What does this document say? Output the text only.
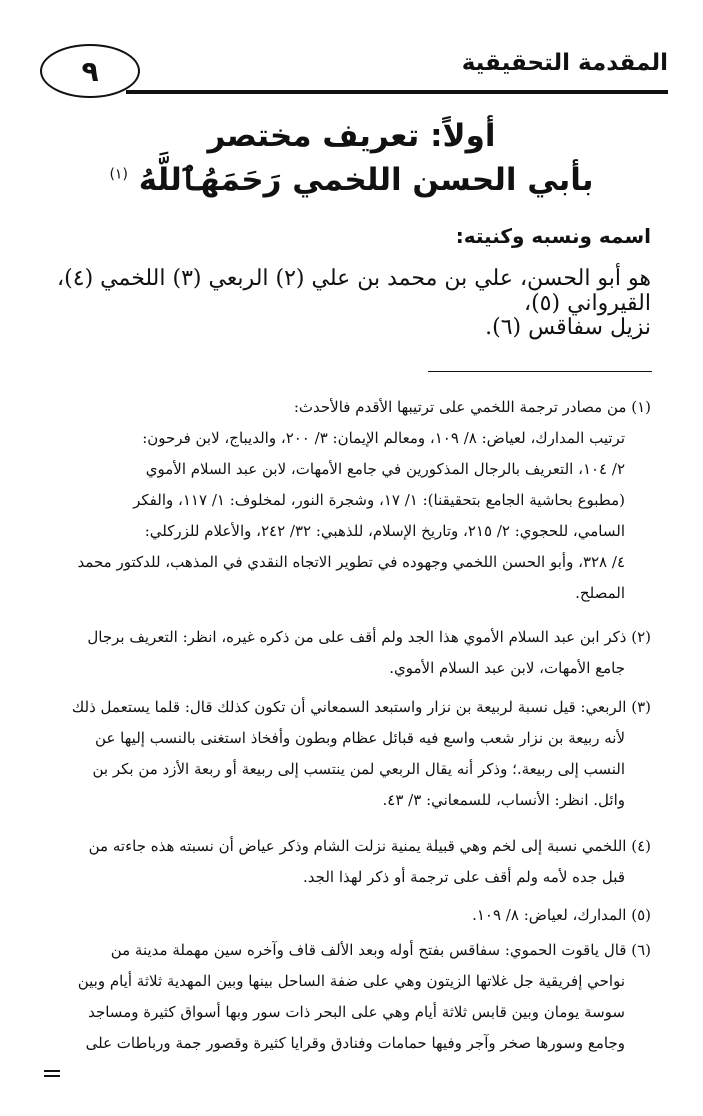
٩	المقدمة التحقيقية
أولاً: تعريف مختصر
بأبي الحسن اللخمي رَحَمَهُٱللَّهُ $^{(١)}$
اسمه ونسبه وكنيته:
هو أبو الحسن، علي بن محمد بن علي (٢) الربعي (٣) اللخمي (٤)، القيرواني (٥)،
نزيل سفاقس (٦).
(١) من مصادر ترجمة اللخمي على ترتيبها الأقدم فالأحدث:
ترتيب المدارك، لعياض: ٨/ ١٠٩، ومعالم الإيمان: ٣/ ٢٠٠، والديباج، لابن فرحون:
٢/ ١٠٤، التعريف بالرجال المذكورين في جامع الأمهات، لابن عبد السلام الأموي
(مطبوع بحاشية الجامع بتحقيقنا): ١/ ١٧، وشجرة النور، لمخلوف: ١/ ١١٧، والفكر
السامي، للحجوي: ٢/ ٢١٥، وتاريخ الإسلام، للذهبي: ٣٢/ ٢٤٢، والأعلام للزركلي:
٤/ ٣٢٨، وأبو الحسن اللخمي وجهوده في تطوير الاتجاه النقدي في المذهب، للدكتور محمد
المصلح.
(٢) ذكر ابن عبد السلام الأموي هذا الجد ولم أقف على من ذكره غيره، انظر: التعريف برجال
جامع الأمهات، لابن عبد السلام الأموي.
(٣) الربعي: قيل نسبة لربيعة بن نزار واستبعد السمعاني أن تكون كذلك قال: قلما يستعمل ذلك
لأنه ربيعة بن نزار شعب واسع فيه قبائل عظام وبطون وأفخاذ استغنى بالنسب إليها عن
النسب إلى ربيعة.؛ وذكر أنه يقال الربعي لمن ينتسب إلى ربيعة أو ربعة الأزد من بكر بن
وائل. انظر: الأنساب، للسمعاني: ٣/ ٤٣.
(٤) اللخمي نسبة إلى لخم وهي قبيلة يمنية نزلت الشام وذكر عياض أن نسبته هذه جاءته من
قبل جده لأمه ولم أقف على ترجمة أو ذكر لهذا الجد.
(٥) المدارك، لعياض: ٨/ ١٠٩.
(٦) قال ياقوت الحموي: سفاقس بفتح أوله وبعد الألف قاف وآخره سين مهملة مدينة من
نواحي إفريقية جل غلاتها الزيتون وهي على ضفة الساحل بينها وبين المهدية ثلاثة أيام وبين
سوسة يومان وبين قابس ثلاثة أيام وهي على البحر ذات سور وبها أسواق كثيرة ومساجد
وجامع وسورها صخر وآجر وفيها حمامات وفنادق وقرايا كثيرة وقصور جمة ورباطات على
